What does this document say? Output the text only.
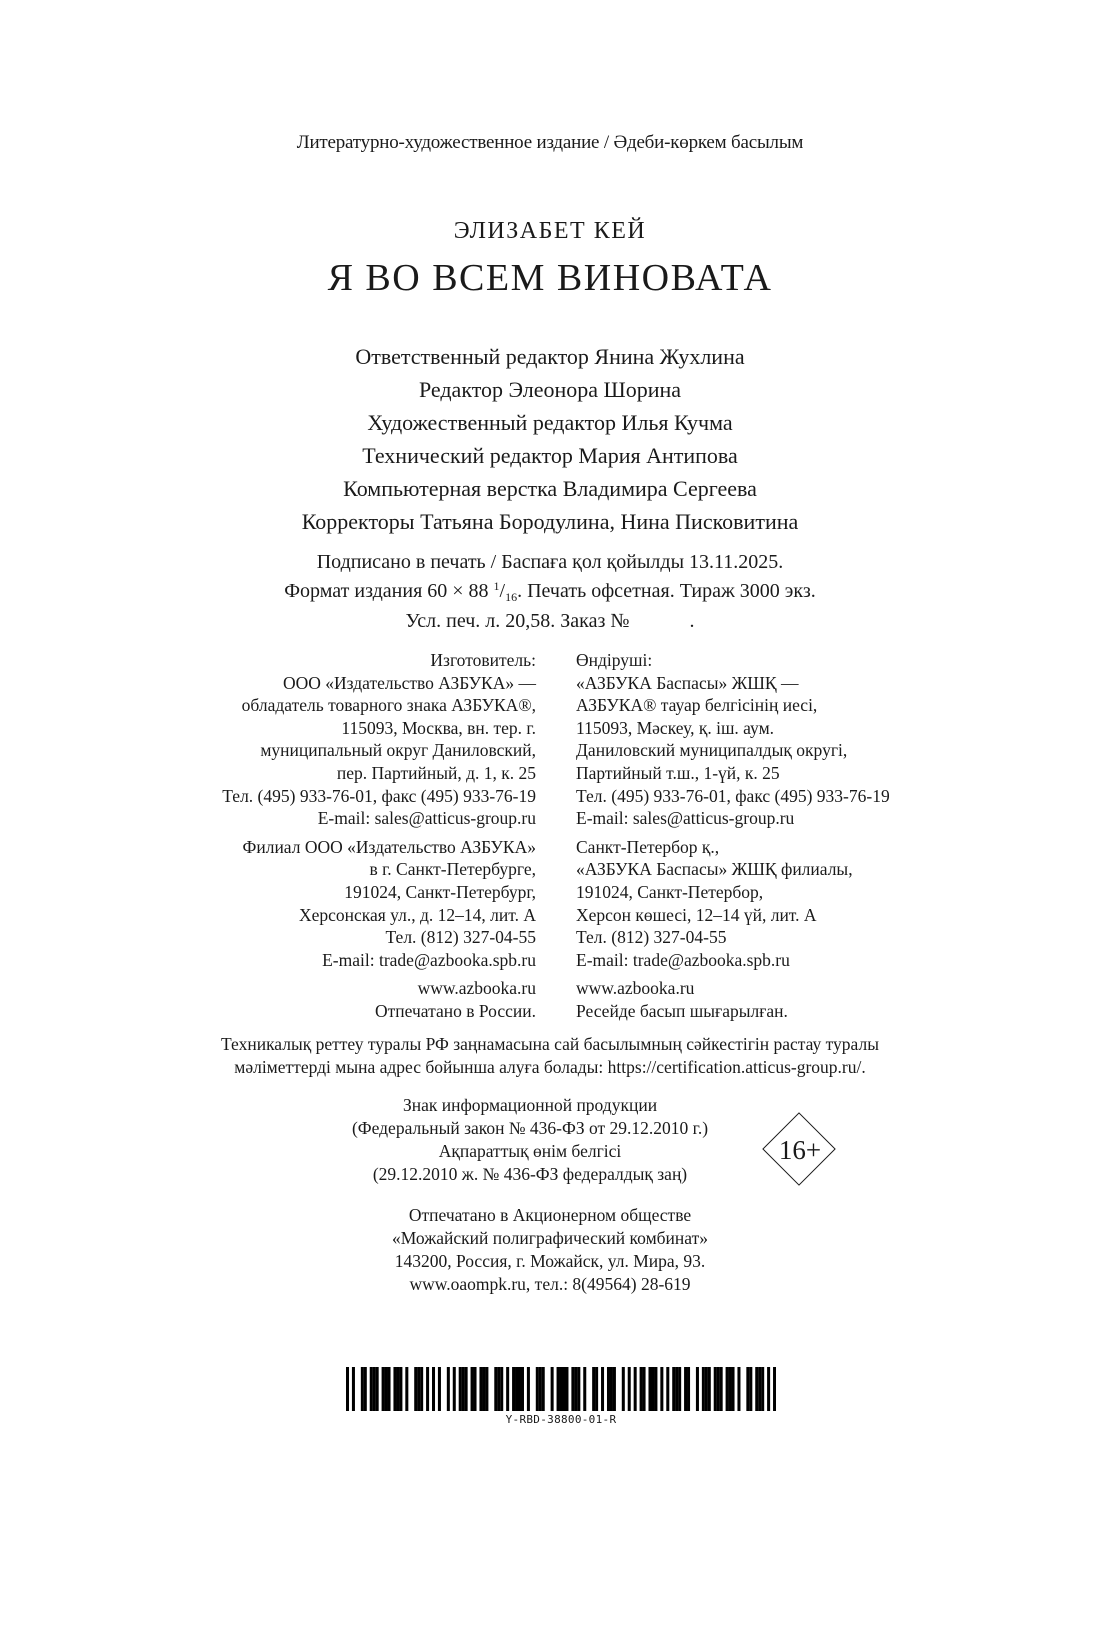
Литературно-художественное издание / Әдеби-көркем басылым
ЭЛИЗАБЕТ КЕЙ
Я ВО ВСЕМ ВИНОВАТА
Ответственный редактор Янина Жухлина
Редактор Элеонора Шорина
Художественный редактор Илья Кучма
Технический редактор Мария Антипова
Компьютерная верстка Владимира Сергеева
Корректоры Татьяна Бородулина, Нина Писковитина
Подписано в печать / Баспаға қол қойылды 13.11.2025.
Формат издания 60 × 88 $^1/_{16}$. Печать офсетная. Тираж 3000 экз.
Усл. печ. л. 20,58. Заказ №	.
Изготовитель:
ООО «Издательство АЗБУКА» —
обладатель товарного знака АЗБУКА®,
115093, Москва, вн. тер. г.
муниципальный округ Даниловский,
пер. Партийный, д. 1, к. 25
Тел. (495) 933-76-01, факс (495) 933-76-19
E-mail: sales@atticus-group.ru
Филиал ООО «Издательство АЗБУКА»
в г. Санкт-Петербурге,
191024, Санкт-Петербург,
Херсонская ул., д. 12–14, лит. А
Тел. (812) 327-04-55
E-mail: trade@azbooka.spb.ru
www.azbooka.ru
Отпечатано в России.
Өндіруші:
«АЗБУКА Баспасы» ЖШҚ —
АЗБУКА® тауар белгісінің иесі,
115093, Мәскеу, қ. іш. аум.
Даниловский муниципалдық округі,
Партийный т.ш., 1-үй, к. 25
Тел. (495) 933-76-01, факс (495) 933-76-19
E-mail: sales@atticus-group.ru
Санкт-Петербор қ.,
«АЗБУКА Баспасы» ЖШҚ филиалы,
191024, Санкт-Петербор,
Херсон көшесі, 12–14 үй, лит. А
Тел. (812) 327-04-55
E-mail: trade@azbooka.spb.ru
www.azbooka.ru
Ресейде басып шығарылған.
Техникалық реттеу туралы РФ заңнамасына сай басылымның сәйкестігін растау туралы
мәліметтерді мына адрес бойынша алуға болады: https://certification.atticus-group.ru/.
Знак информационной продукции
(Федеральный закон № 436-ФЗ от 29.12.2010 г.)
Ақпараттық өнім белгісі
(29.12.2010 ж. № 436-ФЗ федералдық заң)
16+
Отпечатано в Акционерном обществе
«Можайский полиграфический комбинат»
143200, Россия, г. Можайск, ул. Мира, 93.
www.oaompk.ru, тел.: 8(49564) 28-619
Y-RBD-38800-01-R
